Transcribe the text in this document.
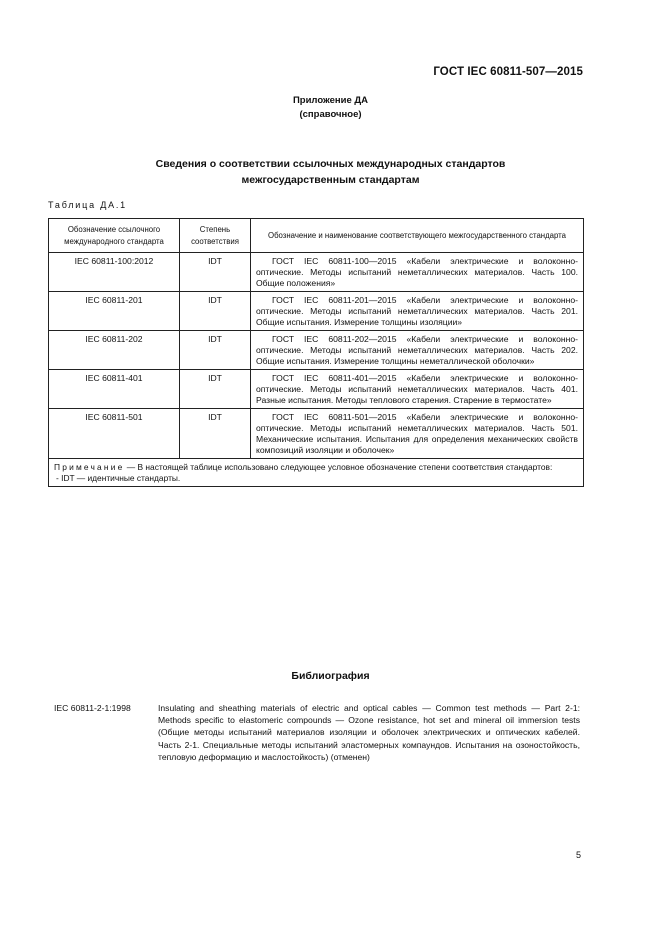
ГОСТ IEC 60811-507—2015
Приложение ДА
(справочное)
Сведения о соответствии ссылочных международных стандартов
межгосударственным стандартам
Таблица ДА.1
Обозначение ссылочного международного стандарта	Степень соответствия	Обозначение и наименование соответствующего межгосударственного стандарта
IEC 60811-100:2012	IDT	ГОСТ IEC 60811-100—2015 «Кабели электрические и волоконно-оптические. Методы испытаний неметаллических материалов. Часть 100. Общие положения»
IEC 60811-201	IDT	ГОСТ IEC 60811-201—2015 «Кабели электрические и волоконно-оптические. Методы испытаний неметаллических материалов. Часть 201. Общие испытания. Измерение толщины изоляции»
IEC 60811-202	IDT	ГОСТ IEC 60811-202—2015 «Кабели электрические и волоконно-оптические. Методы испытаний неметаллических материалов. Часть 202. Общие испытания. Измерение толщины неметаллической оболочки»
IEC 60811-401	IDT	ГОСТ IEC 60811-401—2015 «Кабели электрические и волоконно-оптические. Методы испытаний неметаллических материалов. Часть 401. Разные испытания. Методы теплового старения. Старение в термостате»
IEC 60811-501	IDT	ГОСТ IEC 60811-501—2015 «Кабели электрические и волоконно-оптические. Методы испытаний неметаллических материалов. Часть 501. Механические испытания. Испытания для определения механических свойств композиций изоляции и оболочек»
Примечание — В настоящей таблице использовано следующее условное обозначение степени соответствия стандартов:
- IDT — идентичные стандарты.		
Библиография
IEC 60811-2-1:1998	Insulating and sheathing materials of electric and optical cables — Common test methods — Part 2-1: Methods specific to elastomeric compounds — Ozone resistance, hot set and mineral oil immersion tests (Общие методы испытаний материалов изоляции и оболочек электрических и оптических кабелей. Часть 2-1. Специальные методы испытаний эластомерных компаундов. Испытания на озоностойкость, тепловую деформацию и маслостойкость) (отменен)
5
